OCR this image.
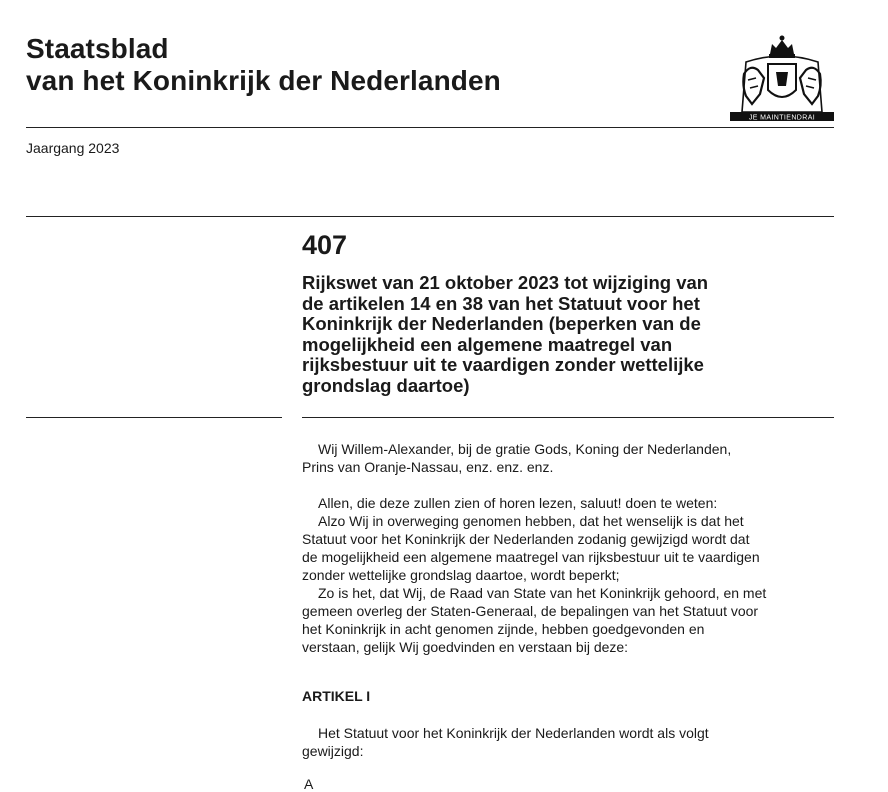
Staatsblad
van het Koninkrijk der Nederlanden
JE MAINTIENDRAI
Jaargang 2023
407
Rijkswet van 21 oktober 2023 tot wijziging van
de artikelen 14 en 38 van het Statuut voor het
Koninkrijk der Nederlanden (beperken van de
mogelijkheid een algemene maatregel van
rijksbestuur uit te vaardigen zonder wettelijke
grondslag daartoe)
Wij Willem-Alexander, bij de gratie Gods, Koning der Nederlanden,
Prins van Oranje-Nassau, enz. enz. enz.
Allen, die deze zullen zien of horen lezen, saluut! doen te weten:
Alzo Wij in overweging genomen hebben, dat het wenselijk is dat het
Statuut voor het Koninkrijk der Nederlanden zodanig gewijzigd wordt dat
de mogelijkheid een algemene maatregel van rijksbestuur uit te vaardigen
zonder wettelijke grondslag daartoe, wordt beperkt;
Zo is het, dat Wij, de Raad van State van het Koninkrijk gehoord, en met
gemeen overleg der Staten-Generaal, de bepalingen van het Statuut voor
het Koninkrijk in acht genomen zijnde, hebben goedgevonden en
verstaan, gelijk Wij goedvinden en verstaan bij deze:
ARTIKEL I
Het Statuut voor het Koninkrijk der Nederlanden wordt als volgt
gewijzigd:
A
